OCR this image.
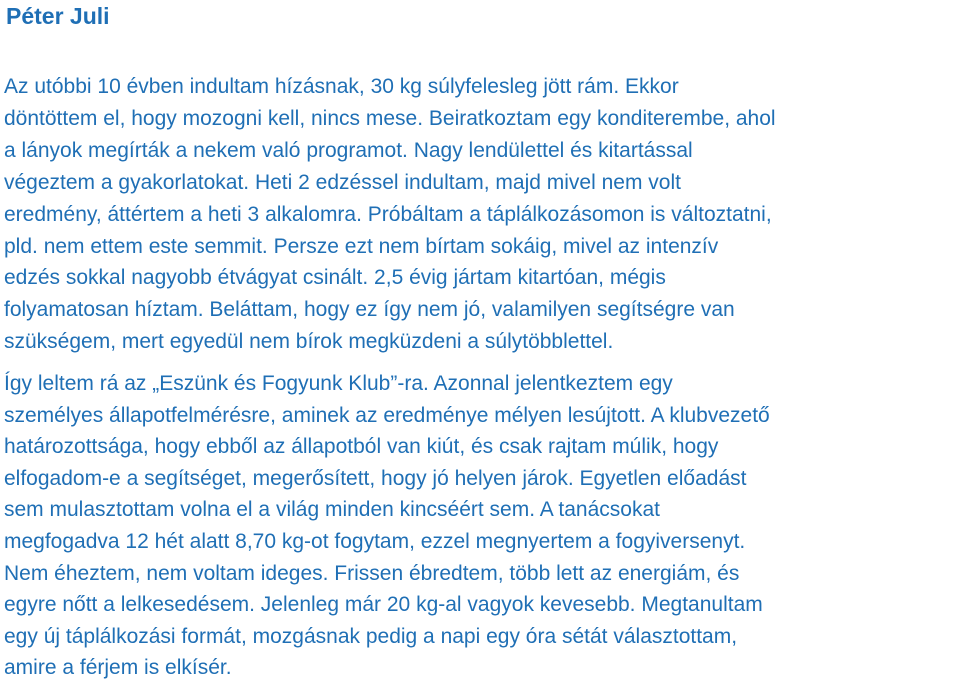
Péter Juli

Az utóbbi 10 évben indultam hízásnak, 30 kg súlyfelesleg jött rám. Ekkor
döntöttem el, hogy mozogni kell, nincs mese. Beiratkoztam egy konditerembe, ahol
a lányok megírták a nekem való programot. Nagy lendülettel és kitartással
végeztem a gyakorlatokat. Heti 2 edzéssel indultam, majd mivel nem volt
eredmény, áttértem a heti 3 alkalomra. Próbáltam a táplálkozásomon is változtatni,
pld. nem ettem este semmit. Persze ezt nem bírtam sokáig, mivel az intenzív
edzés sokkal nagyobb étvágyat csinált. 2,5 évig jártam kitartóan, mégis
folyamatosan híztam. Beláttam, hogy ez így nem jó, valamilyen segítségre van
szükségem, mert egyedül nem bírok megküzdeni a súlytöbblettel.

Így leltem rá az „Eszünk és Fogyunk Klub”-ra. Azonnal jelentkeztem egy
személyes állapotfelmérésre, aminek az eredménye mélyen lesújtott. A klubvezető
határozottsága, hogy ebből az állapotból van kiút, és csak rajtam múlik, hogy
elfogadom-e a segítséget, megerősített, hogy jó helyen járok. Egyetlen előadást
sem mulasztottam volna el a világ minden kincséért sem. A tanácsokat
megfogadva 12 hét alatt 8,70 kg-ot fogytam, ezzel megnyertem a fogyiversenyt.
Nem éheztem, nem voltam ideges. Frissen ébredtem, több lett az energiám, és
egyre nőtt a lelkesedésem. Jelenleg már 20 kg-al vagyok kevesebb. Megtanultam
egy új táplálkozási formát, mozgásnak pedig a napi egy óra sétát választottam,
amire a férjem is elkísér.
